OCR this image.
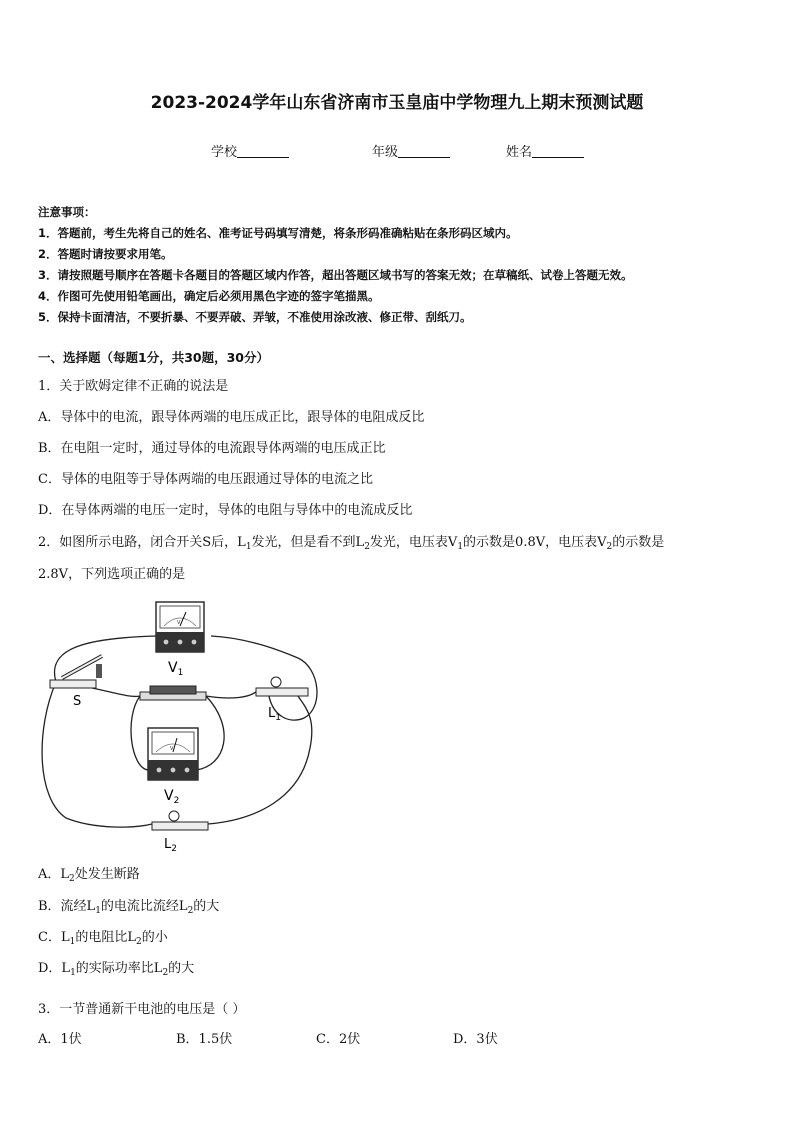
2023-2024学年山东省济南市玉皇庙中学物理九上期末预测试题
学校	年级	姓名
注意事项：
1．答题前，考生先将自己的姓名、准考证号码填写清楚，将条形码准确粘贴在条形码区域内。
2．答题时请按要求用笔。
3．请按照题号顺序在答题卡各题目的答题区域内作答，超出答题区域书写的答案无效；在草稿纸、试卷上答题无效。
4．作图可先使用铅笔画出，确定后必须用黑色字迹的签字笔描黑。
5．保持卡面清洁，不要折暴、不要弄破、弄皱，不准使用涂改液、修正带、刮纸刀。
一、选择题（每题1分，共30题，30分）
1．关于欧姆定律不正确的说法是
A．导体中的电流，跟导体两端的电压成正比，跟导体的电阻成反比
B．在电阻一定时，通过导体的电流跟导体两端的电压成正比
C．导体的电阻等于导体两端的电压跟通过导体的电流之比
D．在导体两端的电压一定时，导体的电阻与导体中的电流成反比
2．如图所示电路，闭合开关S后，$L_1$发光，但是看不到$L_2$发光，电压表$V_1$的示数是0.8V，电压表$V_2$的示数是
2.8V，下列选项正确的是
V
$V_1$
S
$L_1$
V
$V_2$
$L_2$
A．$L_2$处发生断路
B．流经$L_1$的电流比流经$L_2$的大
C．$L_1$的电阻比$L_2$的小
D．$L_1$的实际功率比$L_2$的大
3．一节普通新干电池的电压是（ ）
A．1伏	B．1.5伏	C．2伏	D．3伏
